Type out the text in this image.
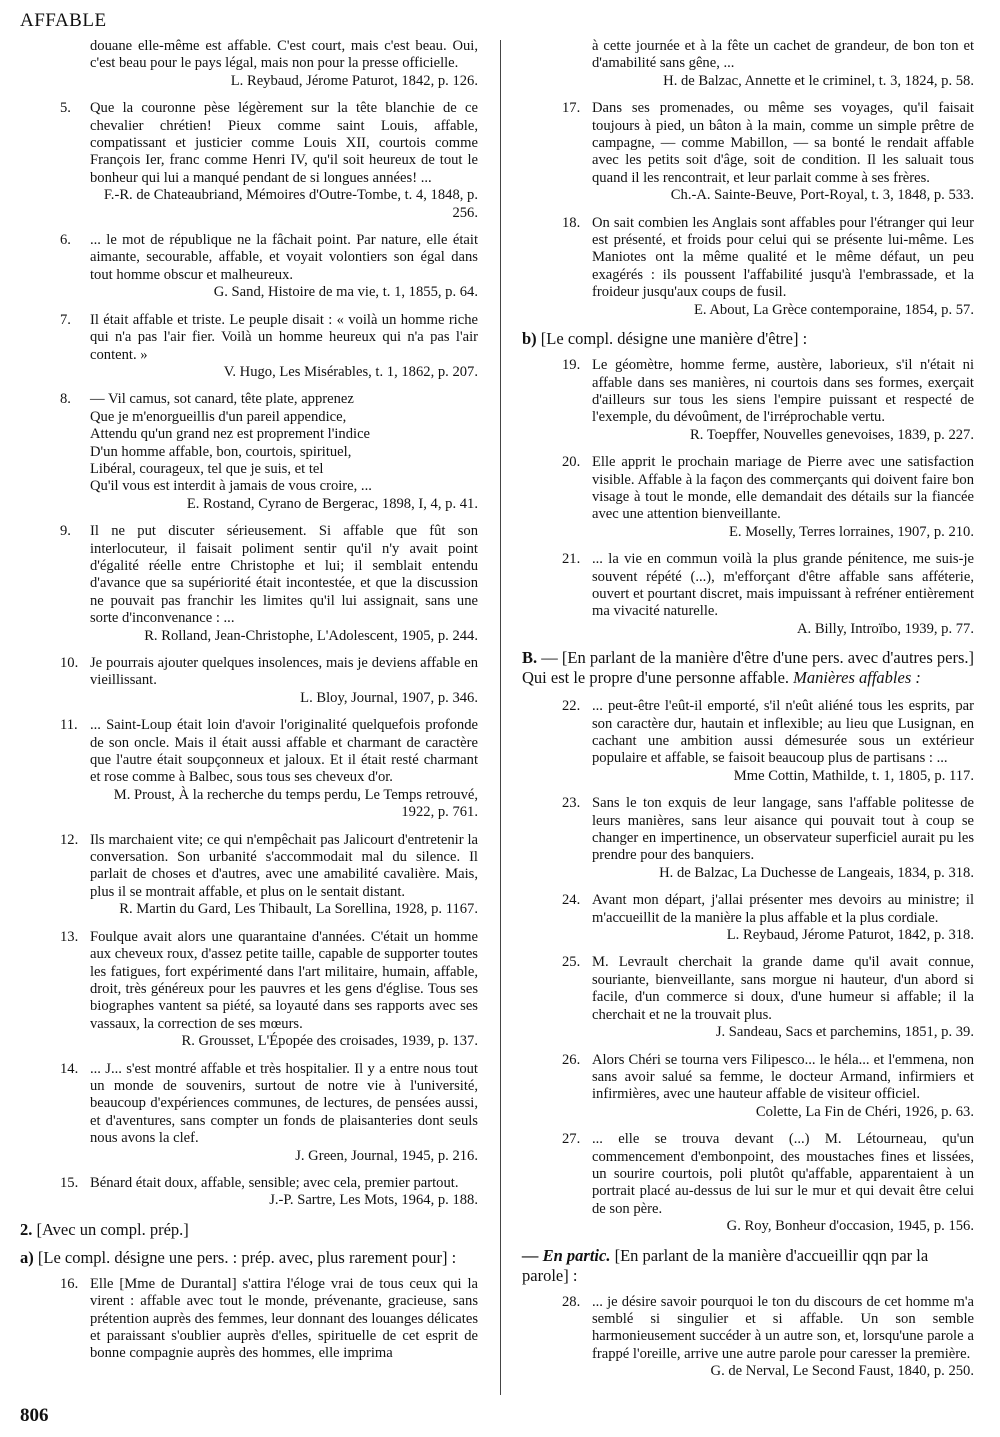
AFFABLE
douane elle-même est affable. C'est court, mais c'est beau. Oui, c'est beau pour le pays légal, mais non pour la presse officielle.
L. Reybaud, Jérome Paturot, 1842, p. 126.
5. Que la couronne pèse légèrement sur la tête blanchie de ce chevalier chrétien! Pieux comme saint Louis, affable, compatissant et justicier comme Louis XII, courtois comme François Ier, franc comme Henri IV, qu'il soit heureux de tout le bonheur qui lui a manqué pendant de si longues années! ...
F.-R. de Chateaubriand, Mémoires d'Outre-Tombe, t. 4, 1848, p. 256.
6. ... le mot de république ne la fâchait point. Par nature, elle était aimante, secourable, affable, et voyait volontiers son égal dans tout homme obscur et malheureux.
G. Sand, Histoire de ma vie, t. 1, 1855, p. 64.
7. Il était affable et triste. Le peuple disait : « voilà un homme riche qui n'a pas l'air fier. Voilà un homme heureux qui n'a pas l'air content. »
V. Hugo, Les Misérables, t. 1, 1862, p. 207.
8. — Vil camus, sot canard, tête plate, apprenez
Que je m'enorgueillis d'un pareil appendice,
Attendu qu'un grand nez est proprement l'indice
D'un homme affable, bon, courtois, spirituel,
Libéral, courageux, tel que je suis, et tel
Qu'il vous est interdit à jamais de vous croire, ...
E. Rostand, Cyrano de Bergerac, 1898, I, 4, p. 41.
9. Il ne put discuter sérieusement. Si affable que fût son interlocuteur, il faisait poliment sentir qu'il n'y avait point d'égalité réelle entre Christophe et lui; il semblait entendu d'avance que sa supériorité était incontestée, et que la discussion ne pouvait pas franchir les limites qu'il lui assignait, sans une sorte d'inconvenance : ...
R. Rolland, Jean-Christophe, L'Adolescent, 1905, p. 244.
10. Je pourrais ajouter quelques insolences, mais je deviens affable en vieillissant.
L. Bloy, Journal, 1907, p. 346.
11. ... Saint-Loup était loin d'avoir l'originalité quelquefois profonde de son oncle. Mais il était aussi affable et charmant de caractère que l'autre était soupçonneux et jaloux. Et il était resté charmant et rose comme à Balbec, sous tous ses cheveux d'or.
M. Proust, À la recherche du temps perdu, Le Temps retrouvé, 1922, p. 761.
12. Ils marchaient vite; ce qui n'empêchait pas Jalicourt d'entretenir la conversation. Son urbanité s'accommodait mal du silence. Il parlait de choses et d'autres, avec une amabilité cavalière. Mais, plus il se montrait affable, et plus on le sentait distant.
R. Martin du Gard, Les Thibault, La Sorellina, 1928, p. 1167.
13. Foulque avait alors une quarantaine d'années. C'était un homme aux cheveux roux, d'assez petite taille, capable de supporter toutes les fatigues, fort expérimenté dans l'art militaire, humain, affable, droit, très généreux pour les pauvres et les gens d'église. Tous ses biographes vantent sa piété, sa loyauté dans ses rapports avec ses vassaux, la correction de ses mœurs.
R. Grousset, L'Épopée des croisades, 1939, p. 137.
14. ... J... s'est montré affable et très hospitalier. Il y a entre nous tout un monde de souvenirs, surtout de notre vie à l'université, beaucoup d'expériences communes, de lectures, de pensées aussi, et d'aventures, sans compter un fonds de plaisanteries dont seuls nous avons la clef.
J. Green, Journal, 1945, p. 216.
15. Bénard était doux, affable, sensible; avec cela, premier partout.
J.-P. Sartre, Les Mots, 1964, p. 188.
2. [Avec un compl. prép.]
a) [Le compl. désigne une pers. : prép. avec, plus rarement pour] :
16. Elle [Mme de Durantal] s'attira l'éloge vrai de tous ceux qui la virent : affable avec tout le monde, prévenante, gracieuse, sans prétention auprès des femmes, leur donnant des louanges délicates et paraissant s'oublier auprès d'elles, spirituelle de cet esprit de bonne compagnie auprès des hommes, elle imprima
à cette journée et à la fête un cachet de grandeur, de bon ton et d'amabilité sans gêne, ...
H. de Balzac, Annette et le criminel, t. 3, 1824, p. 58.
17. Dans ses promenades, ou même ses voyages, qu'il faisait toujours à pied, un bâton à la main, comme un simple prêtre de campagne, — comme Mabillon, — sa bonté le rendait affable avec les petits soit d'âge, soit de condition. Il les saluait tous quand il les rencontrait, et leur parlait comme à ses frères.
Ch.-A. Sainte-Beuve, Port-Royal, t. 3, 1848, p. 533.
18. On sait combien les Anglais sont affables pour l'étranger qui leur est présenté, et froids pour celui qui se présente lui-même. Les Maniotes ont la même qualité et le même défaut, un peu exagérés : ils poussent l'affabilité jusqu'à l'embrassade, et la froideur jusqu'aux coups de fusil.
E. About, La Grèce contemporaine, 1854, p. 57.
b) [Le compl. désigne une manière d'être] :
19. Le géomètre, homme ferme, austère, laborieux, s'il n'était ni affable dans ses manières, ni courtois dans ses formes, exerçait d'ailleurs sur tous les siens l'empire puissant et respecté de l'exemple, du dévoûment, de l'irréprochable vertu.
R. Toepffer, Nouvelles genevoises, 1839, p. 227.
20. Elle apprit le prochain mariage de Pierre avec une satisfaction visible. Affable à la façon des commerçants qui doivent faire bon visage à tout le monde, elle demandait des détails sur la fiancée avec une attention bienveillante.
E. Moselly, Terres lorraines, 1907, p. 210.
21. ... la vie en commun voilà la plus grande pénitence, me suis-je souvent répété (...), m'efforçant d'être affable sans afféterie, ouvert et pourtant discret, mais impuissant à refréner entièrement ma vivacité naturelle.
A. Billy, Introïbo, 1939, p. 77.
B. — [En parlant de la manière d'être d'une pers. avec d'autres pers.] Qui est le propre d'une personne affable. Manières affables :
22. ... peut-être l'eût-il emporté, s'il n'eût aliéné tous les esprits, par son caractère dur, hautain et inflexible; au lieu que Lusignan, en cachant une ambition aussi démesurée sous un extérieur populaire et affable, se faisoit beaucoup plus de partisans : ...
Mme Cottin, Mathilde, t. 1, 1805, p. 117.
23. Sans le ton exquis de leur langage, sans l'affable politesse de leurs manières, sans leur aisance qui pouvait tout à coup se changer en impertinence, un observateur superficiel aurait pu les prendre pour des banquiers.
H. de Balzac, La Duchesse de Langeais, 1834, p. 318.
24. Avant mon départ, j'allai présenter mes devoirs au ministre; il m'accueillit de la manière la plus affable et la plus cordiale.
L. Reybaud, Jérome Paturot, 1842, p. 318.
25. M. Levrault cherchait la grande dame qu'il avait connue, souriante, bienveillante, sans morgue ni hauteur, d'un abord si facile, d'un commerce si doux, d'une humeur si affable; il la cherchait et ne la trouvait plus.
J. Sandeau, Sacs et parchemins, 1851, p. 39.
26. Alors Chéri se tourna vers Filipesco... le héla... et l'emmena, non sans avoir salué sa femme, le docteur Armand, infirmiers et infirmières, avec une hauteur affable de visiteur officiel.
Colette, La Fin de Chéri, 1926, p. 63.
27. ... elle se trouva devant (...) M. Létourneau, qu'un commencement d'embonpoint, des moustaches fines et lissées, un sourire courtois, poli plutôt qu'affable, apparentaient à un portrait placé au-dessus de lui sur le mur et qui devait être celui de son père.
G. Roy, Bonheur d'occasion, 1945, p. 156.
— En partic. [En parlant de la manière d'accueillir qqn par la parole] :
28. ... je désire savoir pourquoi le ton du discours de cet homme m'a semblé si singulier et si affable. Un son semble harmonieusement succéder à un autre son, et, lorsqu'une parole a frappé l'oreille, arrive une autre parole pour caresser la première.
G. de Nerval, Le Second Faust, 1840, p. 250.
806
